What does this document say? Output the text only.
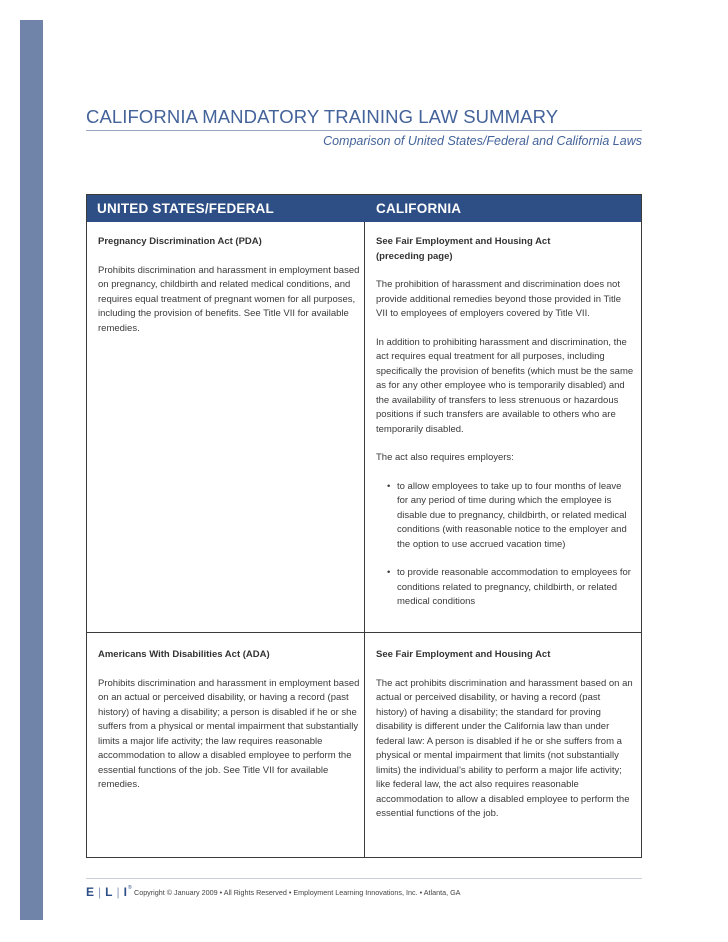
CALIFORNIA MANDATORY TRAINING LAW SUMMARY
Comparison of United States/Federal and California Laws
UNITED STATES/FEDERAL	CALIFORNIA
Pregnancy Discrimination Act (PDA)
Prohibits discrimination and harassment in employment based on pregnancy, childbirth and related medical conditions, and requires equal treatment of pregnant women for all purposes, including the provision of benefits. See Title VII for available remedies.
See Fair Employment and Housing Act
(preceding page)
The prohibition of harassment and discrimination does not provide additional remedies beyond those provided in Title VII to employees of employers covered by Title VII.
In addition to prohibiting harassment and discrimination, the act requires equal treatment for all purposes, including specifically the provision of benefits (which must be the same as for any other employee who is temporarily disabled) and the availability of transfers to less strenuous or hazardous positions if such transfers are available to others who are temporarily disabled.
The act also requires employers:
• to allow employees to take up to four months of leave for any period of time during which the employee is disable due to pregnancy, childbirth, or related medical conditions (with reasonable notice to the employer and the option to use accrued vacation time)
• to provide reasonable accommodation to employees for conditions related to pregnancy, childbirth, or related medical conditions
Americans With Disabilities Act (ADA)
Prohibits discrimination and harassment in employment based on an actual or perceived disability, or having a record (past history) of having a disability; a person is disabled if he or she suffers from a physical or mental impairment that substantially limits a major life activity; the law requires reasonable accommodation to allow a disabled employee to perform the essential functions of the job. See Title VII for available remedies.
See Fair Employment and Housing Act
The act prohibits discrimination and harassment based on an actual or perceived disability, or having a record (past history) of having a disability; the standard for proving disability is different under the California law than under federal law: A person is disabled if he or she suffers from a physical or mental impairment that limits (not substantially limits) the individual’s ability to perform a major life activity; like federal law, the act also requires reasonable accommodation to allow a disabled employee to perform the essential functions of the job.
E | L | I® Copyright © January 2009 • All Rights Reserved • Employment Learning Innovations, Inc. • Atlanta, GA
